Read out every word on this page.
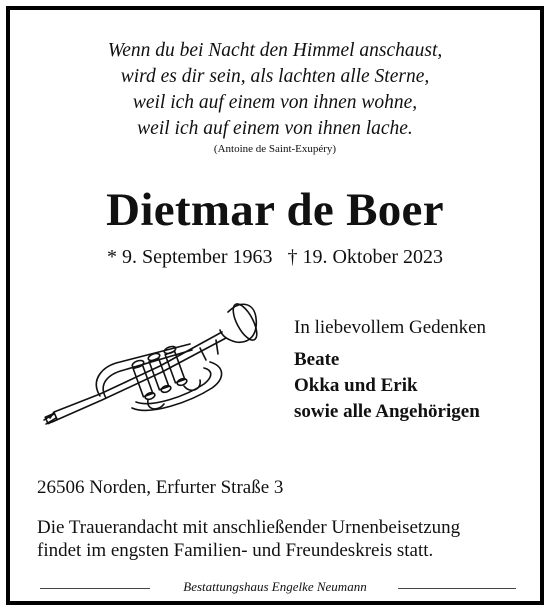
Wenn du bei Nacht den Himmel anschaust,
wird es dir sein, als lachten alle Sterne,
weil ich auf einem von ihnen wohne,
weil ich auf einem von ihnen lache.
(Antoine de Saint-Exupéry)
Dietmar de Boer
* 9. September 1963 † 19. Oktober 2023
In liebevollem Gedenken
Beate
Okka und Erik
sowie alle Angehörigen
26506 Norden, Erfurter Straße 3
Die Trauerandacht mit anschließender Urnenbeisetzung
findet im engsten Familien- und Freundeskreis statt.
Bestattungshaus Engelke Neumann
